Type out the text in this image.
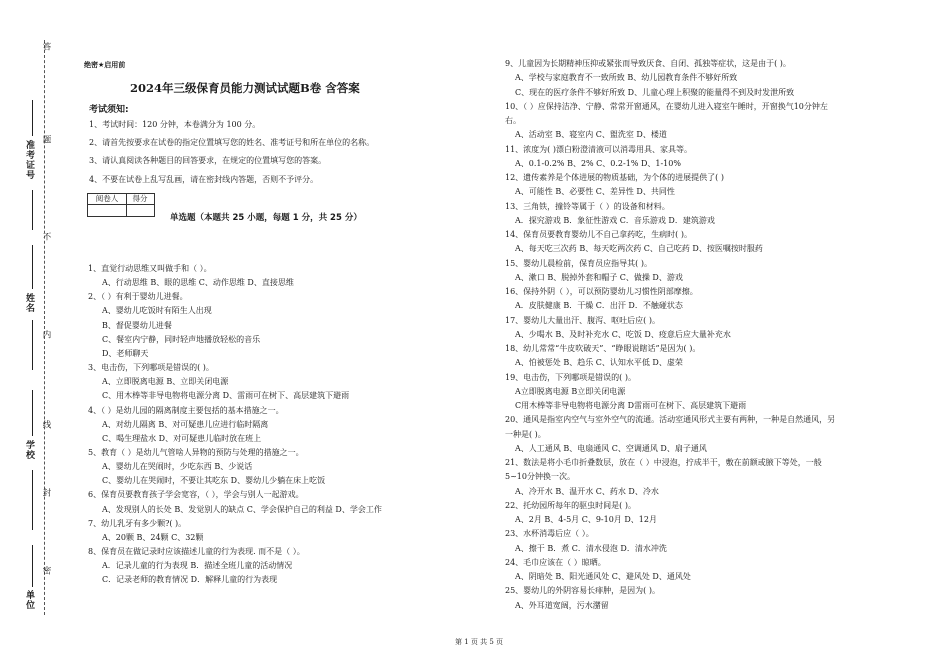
答
题
不
内
线
封
密
准考证号
姓名
学校
单位
绝密★启用前
2024年三级保育员能力测试试题B卷 含答案
考试须知:
1、考试时间：120 分钟，本卷满分为 100 分。
2、请首先按要求在试卷的指定位置填写您的姓名、准考证号和所在单位的名称。
3、请认真阅读各种题目的回答要求，在规定的位置填写您的答案。
4、不要在试卷上乱写乱画，请在密封线内答题，否则不予评分。
阅卷人	得分
单选题（本题共 25 小题，每题 1 分，共 25 分）
1、直觉行动思维又叫做手和（ ）。
A、行动思维 B、眼的思维 C、动作思维 D、直接思维
2、（ ）有利于婴幼儿进餐。
A、婴幼儿吃饭时有陌生人出现
B、督促婴幼儿进餐
C、餐室内宁静，同时轻声地播放轻松的音乐
D、老师聊天
3、电击伤，下列哪项是错误的( )。
A、立即脱离电源 B、立即关闭电源
C、用木棒等非导电物将电源分离 D、雷雨可在树下、高层建筑下避雨
4、（ ）是幼儿园的隔离制度主要包括的基本措施之一。
A、对幼儿隔离 B、对可疑患儿应进行临时隔离
C、喝生理盐水 D、对可疑患儿临时放在班上
5、教育（ ）是幼儿气管啥人异物的预防与处理的措施之一。
A、婴幼儿在哭闹时，少吃东西 B、少说话
C、婴幼儿在哭闹时，不要让其吃东 D、婴幼儿少躺在床上吃饭
6、保育员要教育孩子学会宽容，（ ），学会与别人一起游戏。
A、发现别人的长处 B、发觉别人的缺点 C、学会保护自己的利益 D、学会工作
7、幼儿乳牙有多少颗?( )。
A、20颗 B、24颗 C、32颗
8、保育员在做记录时应该描述儿童的行为表现. 而不是（ ）。
A．记录儿童的行为表现 B．描述全班儿童的活动情况
C．记录老师的教育情况 D．解释儿童的行为表现
9、儿童因为长期精神压抑或紧张而导致厌食、自闭、孤独等症状，这是由于( )。
A、学校与家庭教育不一致所致 B、幼儿园教育条件不够好所致
C、现在的医疗条件不够好所致 D、儿童心理上积聚的能量得不到及时发泄所致
10、（ ）应保持洁净、宁静、常常开窗通风，在婴幼儿进入寝室午睡时，开窗换气10分钟左
右。
A、活动室 B、寝室内 C、盥洗室 D、楼道
11、浓度为( )漂白粉澄清液可以消毒用具、家具等。
A、0.1-0.2% B、2% C、0.2-1% D、1-10%
12、遗传素养是个体进展的物质基础，为个体的进展提供了( )
A、可能性 B、必要性 C、差异性 D、共同性
13、三角铁，撞铃等属于（ ）的设备和材料。
A．探究游戏 B．象征性游戏 C．音乐游戏 D．建筑游戏
14、保育员要教育婴幼儿不自己拿药吃，生病时( )。
A、每天吃三次药 B、每天吃两次药 C、自己吃药 D、按医嘱按时服药
15、婴幼儿晨检前，保育员应指导其( )。
A、漱口 B、脱掉外套和帽子 C、做操 D、游戏
16、保持外阴（ ），可以预防婴幼儿习惯性阴部摩擦。
A．皮肤健康 B．干燥 C．出汗 D．不触碰状态
17、婴幼儿大量出汗、腹泻、呕吐后应( )。
A、少喝水 B、及时补充水 C、吃饭 D、疫意后应大量补充水
18、幼儿常常“牛皮吹破天”、“睁眼说瞎话”是因为( )。
A、怕被惩处 B、趋乐 C、认知水平低 D、虚荣
19、电击伤，下列哪项是错误的( )。
A立即脱离电源 B立即关闭电源
C用木棒等非导电物将电源分离 D雷雨可在树下、高层建筑下避雨
20、通风是指室内空气与室外空气的流通。活动室通风形式主要有两种，一种是自然通风，另
一种是( )。
A、人工通风 B、电扇通风 C、空调通风 D、扇子通风
21、数法是将小毛巾折叠数层，放在（ ）中浸泡，拧成半干，敷在前额或腋下等处，一般
5~10分钟换一次。
A、冷开水 B、温开水 C、药水 D、冷水
22、托幼园所每年的驱虫时间是( )。
A、2月 B、4-5月 C、9-10月 D、12月
23、水杯消毒后应（ ）。
A、擦干 B．煮 C．清水侵泡 D．清水冲洗
24、毛巾应该在（ ）晾晒。
A、阴暗处 B、阳光通风处 C、避风处 D、通风处
25、婴幼儿的外阴容易长痱肿，是因为( )。
A、外耳道宽阔，污水潴留
第 1 页 共 5 页
